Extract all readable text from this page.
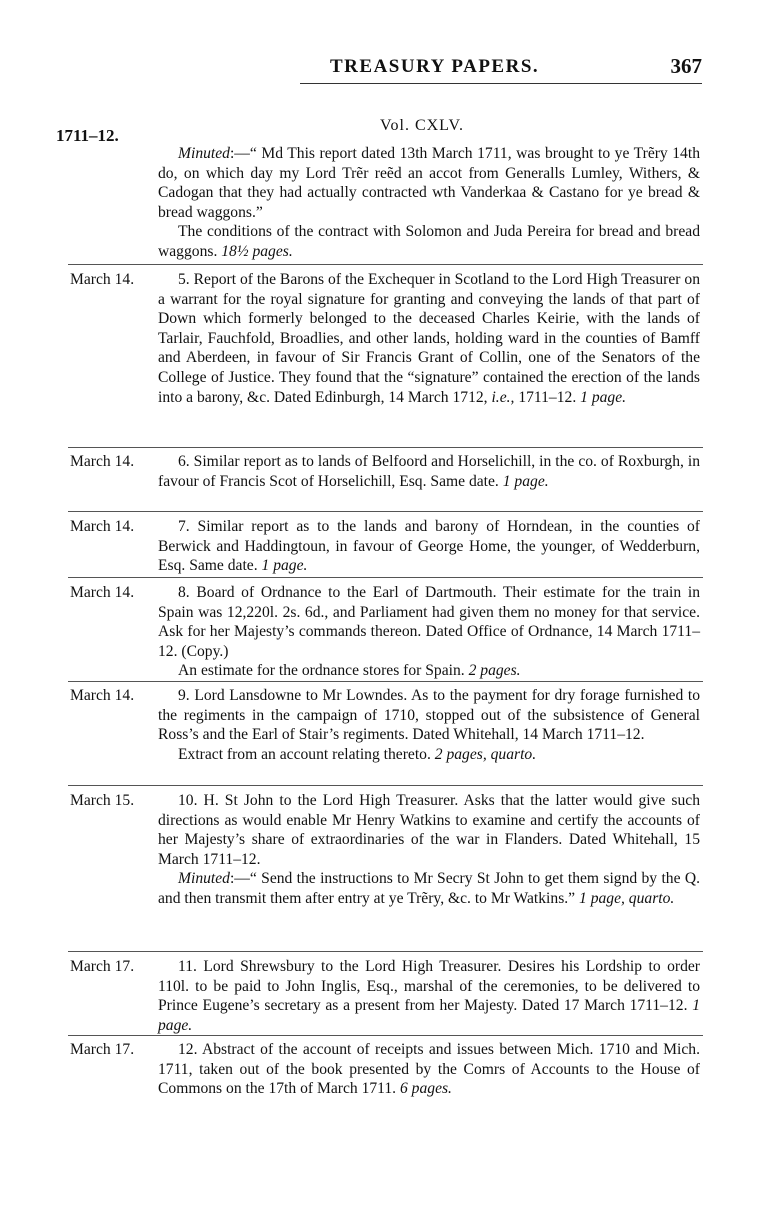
TREASURY PAPERS.	367
1711–12.
Vol. CXLV.

Minuted:—“ Md This report dated 13th March 1711, was brought to ye Trẽry 14th do, on which day my Lord Trẽr reẽd an accot from Generalls Lumley, Withers, & Cadogan that they had actually contracted wth Vanderkaa & Castano for ye bread & bread waggons.”

The conditions of the contract with Solomon and Juda Pereira for bread and bread waggons. 18½ pages.

March 14.	5. Report of the Barons of the Exchequer in Scotland to the Lord High Treasurer on a warrant for the royal signature for granting and conveying the lands of that part of Down which formerly belonged to the deceased Charles Keirie, with the lands of Tarlair, Fauchfold, Broadlies, and other lands, holding ward in the counties of Bamff and Aberdeen, in favour of Sir Francis Grant of Collin, one of the Senators of the College of Justice. They found that the “signature” contained the erection of the lands into a barony, &c. Dated Edinburgh, 14 March 1712, i.e., 1711–12. 1 page.

March 14.	6. Similar report as to lands of Belfoord and Horselichill, in the co. of Roxburgh, in favour of Francis Scot of Horselichill, Esq. Same date. 1 page.

March 14.	7. Similar report as to the lands and barony of Horndean, in the counties of Berwick and Haddingtoun, in favour of George Home, the younger, of Wedderburn, Esq. Same date. 1 page.

March 14.	8. Board of Ordnance to the Earl of Dartmouth. Their estimate for the train in Spain was 12,220l. 2s. 6d., and Parliament had given them no money for that service. Ask for her Majesty’s commands thereon. Dated Office of Ordnance, 14 March 1711–12. (Copy.)

An estimate for the ordnance stores for Spain. 2 pages.

March 14.	9. Lord Lansdowne to Mr Lowndes. As to the payment for dry forage furnished to the regiments in the campaign of 1710, stopped out of the subsistence of General Ross’s and the Earl of Stair’s regiments. Dated Whitehall, 14 March 1711–12.

Extract from an account relating thereto. 2 pages, quarto.

March 15.	10. H. St John to the Lord High Treasurer. Asks that the latter would give such directions as would enable Mr Henry Watkins to examine and certify the accounts of her Majesty’s share of extraordinaries of the war in Flanders. Dated Whitehall, 15 March 1711–12.

Minuted:—“ Send the instructions to Mr Secry St John to get them signd by the Q. and then transmit them after entry at ye Trẽry, &c. to Mr Watkins.” 1 page, quarto.

March 17.	11. Lord Shrewsbury to the Lord High Treasurer. Desires his Lordship to order 110l. to be paid to John Inglis, Esq., marshal of the ceremonies, to be delivered to Prince Eugene’s secretary as a present from her Majesty. Dated 17 March 1711–12. 1 page.

March 17.	12. Abstract of the account of receipts and issues between Mich. 1710 and Mich. 1711, taken out of the book presented by the Comrs of Accounts to the House of Commons on the 17th of March 1711. 6 pages.
